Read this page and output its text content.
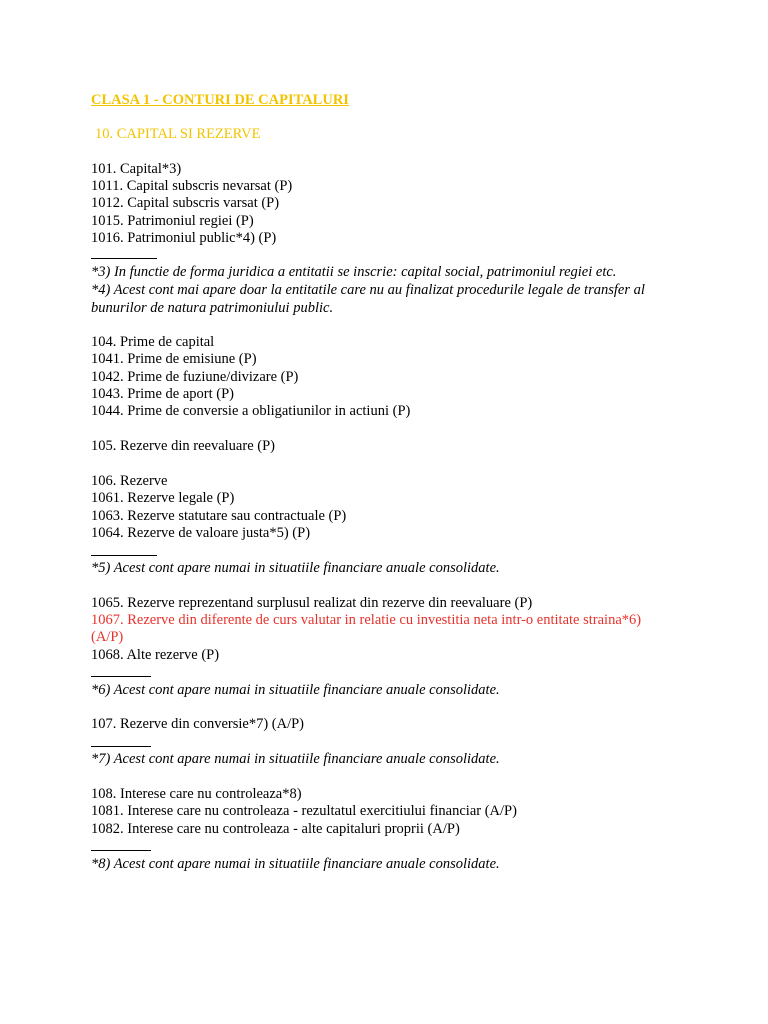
CLASA 1 - CONTURI DE CAPITALURI
10. CAPITAL SI REZERVE
101. Capital*3)
1011. Capital subscris nevarsat (P)
1012. Capital subscris varsat (P)
1015. Patrimoniul regiei (P)
1016. Patrimoniul public*4) (P)
*3) In functie de forma juridica a entitatii se inscrie: capital social, patrimoniul regiei etc.
*4) Acest cont mai apare doar la entitatile care nu au finalizat procedurile legale de transfer al
bunurilor de natura patrimoniului public.
104. Prime de capital
1041. Prime de emisiune (P)
1042. Prime de fuziune/divizare (P)
1043. Prime de aport (P)
1044. Prime de conversie a obligatiunilor in actiuni (P)
105. Rezerve din reevaluare (P)
106. Rezerve
1061. Rezerve legale (P)
1063. Rezerve statutare sau contractuale (P)
1064. Rezerve de valoare justa*5) (P)
*5) Acest cont apare numai in situatiile financiare anuale consolidate.
1065. Rezerve reprezentand surplusul realizat din rezerve din reevaluare (P)
1067. Rezerve din diferente de curs valutar in relatie cu investitia neta intr-o entitate straina*6)
(A/P)
1068. Alte rezerve (P)
*6) Acest cont apare numai in situatiile financiare anuale consolidate.
107. Rezerve din conversie*7) (A/P)
*7) Acest cont apare numai in situatiile financiare anuale consolidate.
108. Interese care nu controleaza*8)
1081. Interese care nu controleaza - rezultatul exercitiului financiar (A/P)
1082. Interese care nu controleaza - alte capitaluri proprii (A/P)
*8) Acest cont apare numai in situatiile financiare anuale consolidate.
